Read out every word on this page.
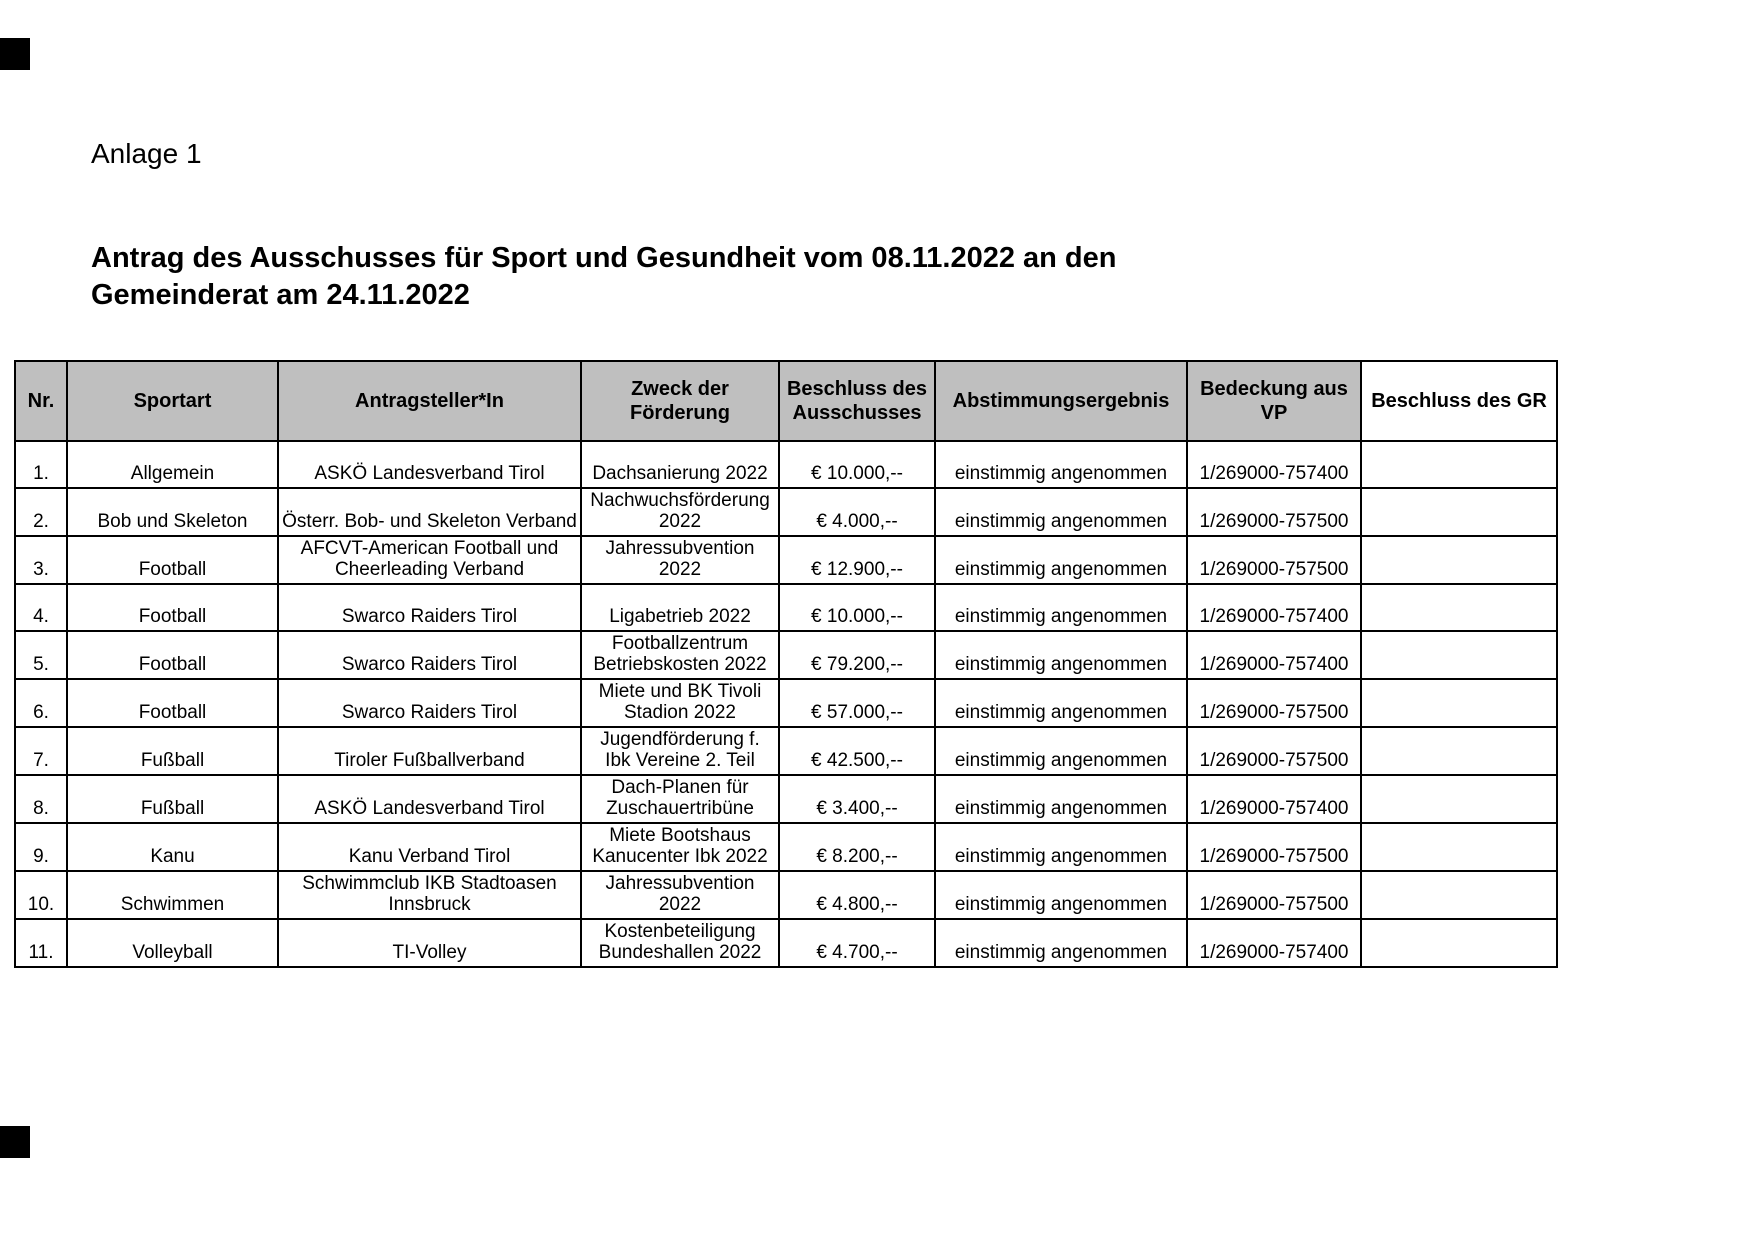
Anlage 1
Antrag des Ausschusses für Sport und Gesundheit vom 08.11.2022 an den
Gemeinderat am 24.11.2022
Nr.	Sportart	Antragsteller*In	Zweck der Förderung	Beschluss des Ausschusses	Abstimmungsergebnis	Bedeckung aus VP	Beschluss des GR
1.	Allgemein	ASKÖ Landesverband Tirol	Dachsanierung 2022	€ 10.000,--	einstimmig angenommen	1/269000-757400	
2.	Bob und Skeleton	Österr. Bob- und Skeleton Verband	Nachwuchsförderung 2022	€ 4.000,--	einstimmig angenommen	1/269000-757500	
3.	Football	AFCVT-American Football und Cheerleading Verband	Jahressubvention 2022	€ 12.900,--	einstimmig angenommen	1/269000-757500	
4.	Football	Swarco Raiders Tirol	Ligabetrieb 2022	€ 10.000,--	einstimmig angenommen	1/269000-757400	
5.	Football	Swarco Raiders Tirol	Footballzentrum Betriebskosten 2022	€ 79.200,--	einstimmig angenommen	1/269000-757400	
6.	Football	Swarco Raiders Tirol	Miete und BK Tivoli Stadion 2022	€ 57.000,--	einstimmig angenommen	1/269000-757500	
7.	Fußball	Tiroler Fußballverband	Jugendförderung f. Ibk Vereine 2. Teil	€ 42.500,--	einstimmig angenommen	1/269000-757500	
8.	Fußball	ASKÖ Landesverband Tirol	Dach-Planen für Zuschauertribüne	€ 3.400,--	einstimmig angenommen	1/269000-757400	
9.	Kanu	Kanu Verband Tirol	Miete Bootshaus Kanucenter Ibk 2022	€ 8.200,--	einstimmig angenommen	1/269000-757500	
10.	Schwimmen	Schwimmclub IKB Stadtoasen Innsbruck	Jahressubvention 2022	€ 4.800,--	einstimmig angenommen	1/269000-757500	
11.	Volleyball	TI-Volley	Kostenbeteiligung Bundeshallen 2022	€ 4.700,--	einstimmig angenommen	1/269000-757400	
